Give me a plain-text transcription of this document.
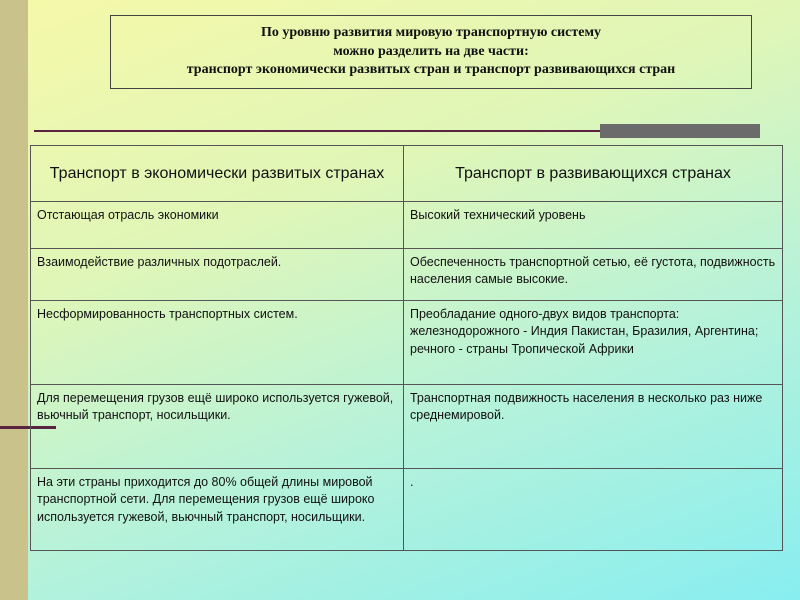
По уровню развития мировую транспортную систему
можно разделить на две части:
транспорт экономически развитых стран и транспорт развивающихся стран
Транспорт в экономически развитых странах	Транспорт в развивающихся странах
Отстающая отрасль экономики	Высокий технический уровень
Взаимодействие различных подотраслей.	Обеспеченность транспортной сетью, её густота, подвижность населения самые высокие.
Несформированность транспортных систем.	Преобладание одного-двух видов транспорта: железнодорожного - Индия Пакистан, Бразилия, Аргентина; речного - страны Тропической Африки
Для перемещения грузов ещё широко используется гужевой, вьючный транспорт, носильщики.	Транспортная подвижность населения в несколько раз ниже среднемировой.
На эти страны приходится до 80% общей длины мировой транспортной сети. Для перемещения грузов ещё широко используется гужевой, вьючный транспорт, носильщики.	.
